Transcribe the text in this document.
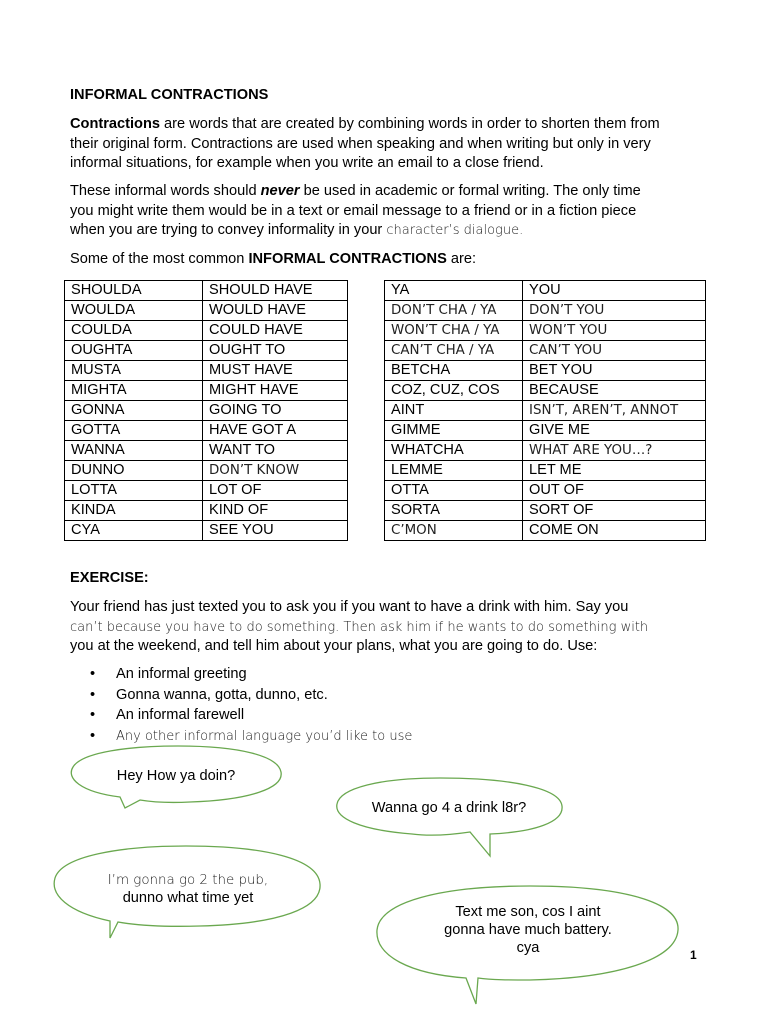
INFORMAL CONTRACTIONS
Contractions are words that are created by combining words in order to shorten them from
their original form. Contractions are used when speaking and when writing but only in very
informal situations, for example when you write an email to a close friend.
These informal words should never be used in academic or formal writing. The only time
you might write them would be in a text or email message to a friend or in a fiction piece
when you are trying to convey informality in your character’s dialogue.
Some of the most common INFORMAL CONTRACTIONS are:
SHOULDA	SHOULD HAVE
WOULDA	WOULD HAVE
COULDA	COULD HAVE
OUGHTA	OUGHT TO
MUSTA	MUST HAVE
MIGHTA	MIGHT HAVE
GONNA	GOING TO
GOTTA	HAVE GOT A
WANNA	WANT TO
DUNNO	DON’T KNOW
LOTTA	LOT OF
KINDA	KIND OF
CYA	SEE YOU
YA	YOU
DON’T CHA / YA	DON’T YOU
WON’T CHA / YA	WON’T YOU
CAN’T CHA / YA	CAN’T YOU
BETCHA	BET YOU
COZ, CUZ, COS	BECAUSE
AINT	ISN’T, AREN’T, ANNOT
GIMME	GIVE ME
WHATCHA	WHAT ARE YOU…?
LEMME	LET ME
OTTA	OUT OF
SORTA	SORT OF
C’MON	COME ON
EXERCISE:
Your friend has just texted you to ask you if you want to have a drink with him. Say you
can’t because you have to do something. Then ask him if he wants to do something with
you at the weekend, and tell him about your plans, what you are going to do. Use:
• An informal greeting
• Gonna wanna, gotta, dunno, etc.
• An informal farewell
• Any other informal language you’d like to use
Hey How ya doin?
Wanna go 4 a drink l8r?
I’m gonna go 2 the pub,
dunno what time yet
Text me son, cos I aint
gonna have much battery.
cya	1
